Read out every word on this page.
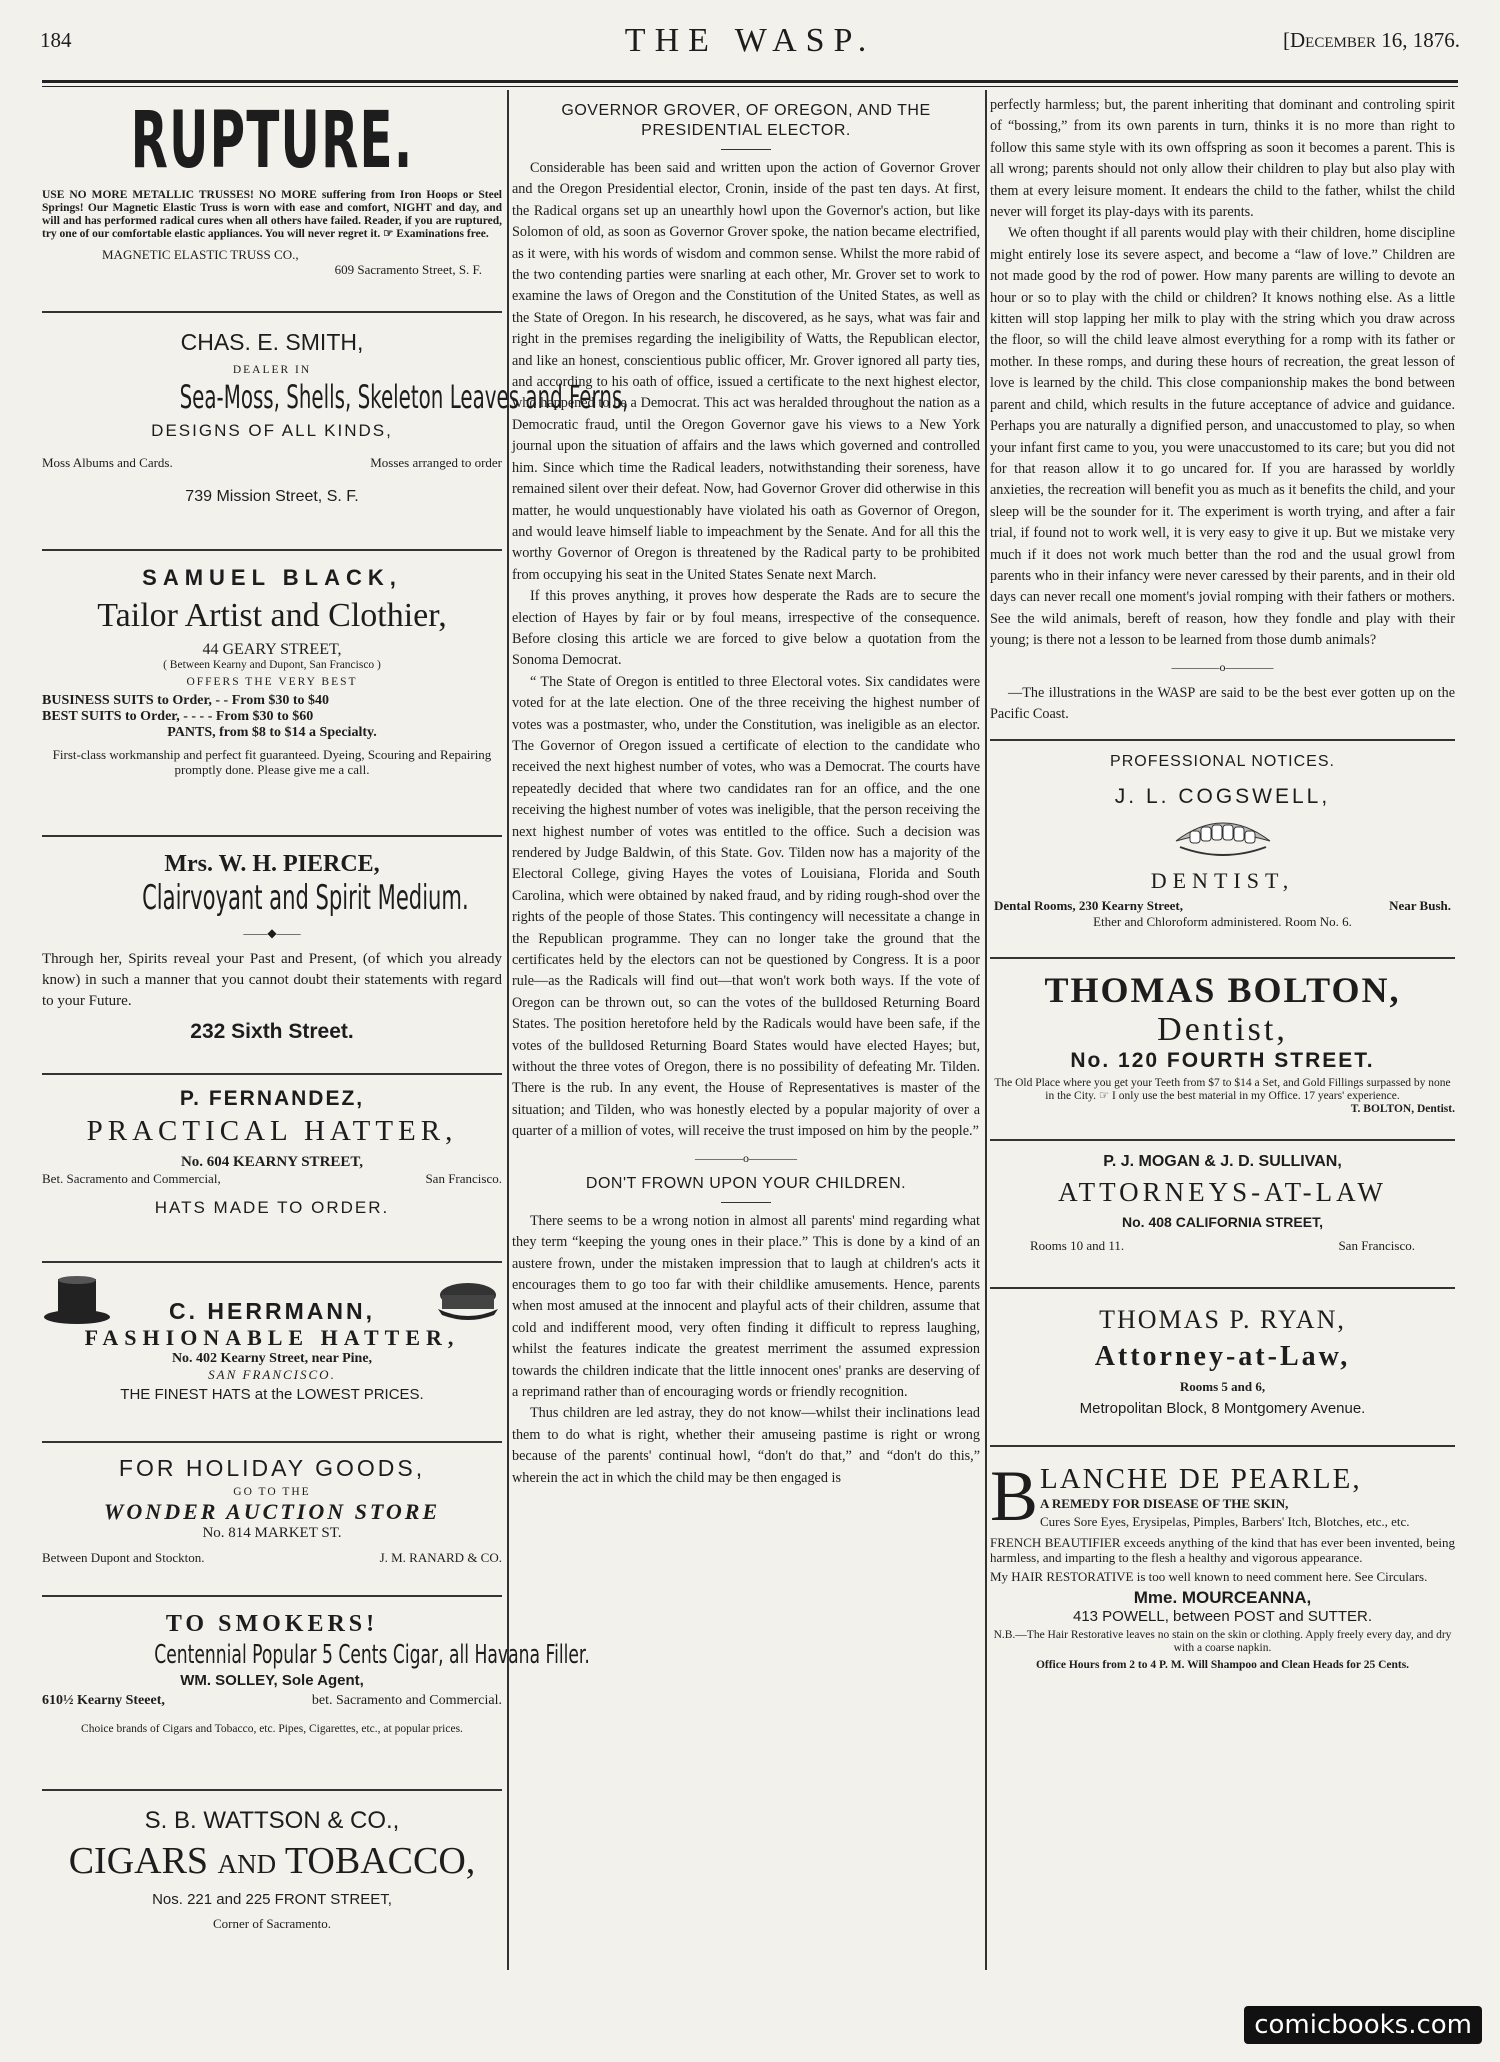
184	THE WASP.	[December 16, 1876.
RUPTURE.

USE NO MORE METALLIC TRUSSES! NO MORE suffering from Iron Hoops or Steel Springs! Our Magnetic Elastic Truss is worn with ease and comfort, NIGHT and day, and will and has performed radical cures when all others have failed. Reader, if you are ruptured, try one of our comfortable elastic appliances. You will never regret it. ☞ Examinations free.

MAGNETIC ELASTIC TRUSS CO.,

609 Sacramento Street, S. F.

CHAS. E. SMITH,
DEALER IN
Sea-Moss, Shells, Skeleton Leaves and Ferns,
DESIGNS OF ALL KINDS,
Moss Albums and Cards.	Mosses arranged to order
739 Mission Street, S. F.
SAMUEL BLACK,
Tailor Artist and Clothier,
44 GEARY STREET,
( Between Kearny and Dupont, San Francisco )
OFFERS THE VERY BEST
BUSINESS SUITS to Order, - - From $30 to $40
BEST SUITS to Order, - - - - From $30 to $60
PANTS, from $8 to $14 a Specialty.

First-class workmanship and perfect fit guaranteed. Dyeing, Scouring and Repairing promptly done. Please give me a call.

Mrs. W. H. PIERCE,
Clairvoyant and Spirit Medium.
——◆——

Through her, Spirits reveal your Past and Present, (of which you already know) in such a manner that you cannot doubt their statements with regard to your Future.

232 Sixth Street.
P. FERNANDEZ,
PRACTICAL HATTER,
No. 604 KEARNY STREET,
Bet. Sacramento and Commercial,	San Francisco.
HATS MADE TO ORDER.
C. HERRMANN,
FASHIONABLE HATTER,
No. 402 Kearny Street, near Pine,
SAN FRANCISCO.
THE FINEST HATS at the LOWEST PRICES.
FOR HOLIDAY GOODS,
GO TO THE
WONDER AUCTION STORE
No. 814 MARKET ST.
Between Dupont and Stockton.	J. M. RANARD & CO.
TO SMOKERS!
Centennial Popular 5 Cents Cigar, all Havana Filler.
WM. SOLLEY, Sole Agent,
610½ Kearny Steeet,	bet. Sacramento and Commercial.

Choice brands of Cigars and Tobacco, etc. Pipes, Cigarettes, etc., at popular prices.

S. B. WATTSON & CO.,
CIGARS and TOBACCO,
Nos. 221 and 225 FRONT STREET,
Corner of Sacramento.
GOVERNOR GROVER, OF OREGON, AND THE PRESIDENTIAL ELECTOR.

Considerable has been said and written upon the action of Governor Grover and the Oregon Presidential elector, Cronin, inside of the past ten days. At first, the Radical organs set up an unearthly howl upon the Governor's action, but like Solomon of old, as soon as Governor Grover spoke, the nation became electrified, as it were, with his words of wisdom and common sense. Whilst the more rabid of the two contending parties were snarling at each other, Mr. Grover set to work to examine the laws of Oregon and the Constitution of the United States, as well as the State of Oregon. In his research, he discovered, as he says, what was fair and right in the premises regarding the ineligibility of Watts, the Republican elector, and like an honest, conscientious public officer, Mr. Grover ignored all party ties, and according to his oath of office, issued a certificate to the next highest elector, who happened to be a Democrat. This act was heralded throughout the nation as a Democratic fraud, until the Oregon Governor gave his views to a New York journal upon the situation of affairs and the laws which governed and controlled him. Since which time the Radical leaders, notwithstanding their soreness, have remained silent over their defeat. Now, had Governor Grover did otherwise in this matter, he would unquestionably have violated his oath as Governor of Oregon, and would leave himself liable to impeachment by the Senate. And for all this the worthy Governor of Oregon is threatened by the Radical party to be prohibited from occupying his seat in the United States Senate next March.

If this proves anything, it proves how desperate the Rads are to secure the election of Hayes by fair or by foul means, irrespective of the consequence. Before closing this article we are forced to give below a quotation from the Sonoma Democrat.

“ The State of Oregon is entitled to three Electoral votes. Six candidates were voted for at the late election. One of the three receiving the highest number of votes was a postmaster, who, under the Constitution, was ineligible as an elector. The Governor of Oregon issued a certificate of election to the candidate who received the next highest number of votes, who was a Democrat. The courts have repeatedly decided that where two candidates ran for an office, and the one receiving the highest number of votes was ineligible, that the person receiving the next highest number of votes was entitled to the office. Such a decision was rendered by Judge Baldwin, of this State. Gov. Tilden now has a majority of the Electoral College, giving Hayes the votes of Louisiana, Florida and South Carolina, which were obtained by naked fraud, and by riding rough-shod over the rights of the people of those States. This contingency will necessitate a change in the Republican programme. They can no longer take the ground that the certificates held by the electors can not be questioned by Congress. It is a poor rule—as the Radicals will find out—that won't work both ways. If the vote of Oregon can be thrown out, so can the votes of the bulldosed Returning Board States. The position heretofore held by the Radicals would have been safe, if the votes of the bulldosed Returning Board States would have elected Hayes; but, without the three votes of Oregon, there is no possibility of defeating Mr. Tilden. There is the rub. In any event, the House of Representatives is master of the situation; and Tilden, who was honestly elected by a popular majority of over a quarter of a million of votes, will receive the trust imposed on him by the people.”

————o————
DON'T FROWN UPON YOUR CHILDREN.

There seems to be a wrong notion in almost all parents' mind regarding what they term “keeping the young ones in their place.” This is done by a kind of an austere frown, under the mistaken impression that to laugh at children's acts it encourages them to go too far with their childlike amusements. Hence, parents when most amused at the innocent and playful acts of their children, assume that cold and indifferent mood, very often finding it difficult to repress laughing, whilst the features indicate the greatest merriment the assumed expression towards the children indicate that the little innocent ones' pranks are deserving of a reprimand rather than of encouraging words or friendly recognition.

Thus children are led astray, they do not know—whilst their inclinations lead them to do what is right, whether their amuseing pastime is right or wrong because of the parents' continual howl, “don't do that,” and “don't do this,” wherein the act in which the child may be then engaged is

perfectly harmless; but, the parent inheriting that dominant and controling spirit of “bossing,” from its own parents in turn, thinks it is no more than right to follow this same style with its own offspring as soon it becomes a parent. This is all wrong; parents should not only allow their children to play but also play with them at every leisure moment. It endears the child to the father, whilst the child never will forget its play-days with its parents.

We often thought if all parents would play with their children, home discipline might entirely lose its severe aspect, and become a “law of love.” Children are not made good by the rod of power. How many parents are willing to devote an hour or so to play with the child or children? It knows nothing else. As a little kitten will stop lapping her milk to play with the string which you draw across the floor, so will the child leave almost everything for a romp with its father or mother. In these romps, and during these hours of recreation, the great lesson of love is learned by the child. This close companionship makes the bond between parent and child, which results in the future acceptance of advice and guidance. Perhaps you are naturally a dignified person, and unaccustomed to play, so when your infant first came to you, you were unaccustomed to its care; but you did not for that reason allow it to go uncared for. If you are harassed by worldly anxieties, the recreation will benefit you as much as it benefits the child, and your sleep will be the sounder for it. The experiment is worth trying, and after a fair trial, if found not to work well, it is very easy to give it up. But we mistake very much if it does not work much better than the rod and the usual growl from parents who in their infancy were never caressed by their parents, and in their old days can never recall one moment's jovial romping with their fathers or mothers. See the wild animals, bereft of reason, how they fondle and play with their young; is there not a lesson to be learned from those dumb animals?

————o————

—The illustrations in the WASP are said to be the best ever gotten up on the Pacific Coast.

PROFESSIONAL NOTICES.
J. L. COGSWELL,
DENTIST,
Dental Rooms, 230 Kearny Street,	Near Bush.
Ether and Chloroform administered. Room No. 6.
THOMAS BOLTON,
Dentist,
No. 120 FOURTH STREET.

The Old Place where you get your Teeth from $7 to $14 a Set, and Gold Fillings surpassed by none in the City. ☞ I only use the best material in my Office. 17 years' experience.

T. BOLTON, Dentist.
P. J. MOGAN & J. D. SULLIVAN,
ATTORNEYS-AT-LAW
No. 408 CALIFORNIA STREET,
Rooms 10 and 11.	San Francisco.
THOMAS P. RYAN,
Attorney-at-Law,
Rooms 5 and 6,
Metropolitan Block, 8 Montgomery Avenue.
B LANCHE DE PEARLE,
A REMEDY FOR DISEASE OF THE SKIN,
Cures Sore Eyes, Erysipelas, Pimples, Barbers' Itch, Blotches, etc., etc.

FRENCH BEAUTIFIER exceeds anything of the kind that has ever been invented, being harmless, and imparting to the flesh a healthy and vigorous appearance.

My HAIR RESTORATIVE is too well known to need comment here. See Circulars.

Mme. MOURCEANNA,
413 POWELL, between POST and SUTTER.

N.B.—The Hair Restorative leaves no stain on the skin or clothing. Apply freely every day, and dry with a coarse napkin.

Office Hours from 2 to 4 P. M. Will Shampoo and Clean Heads for 25 Cents.

comicbooks.com
